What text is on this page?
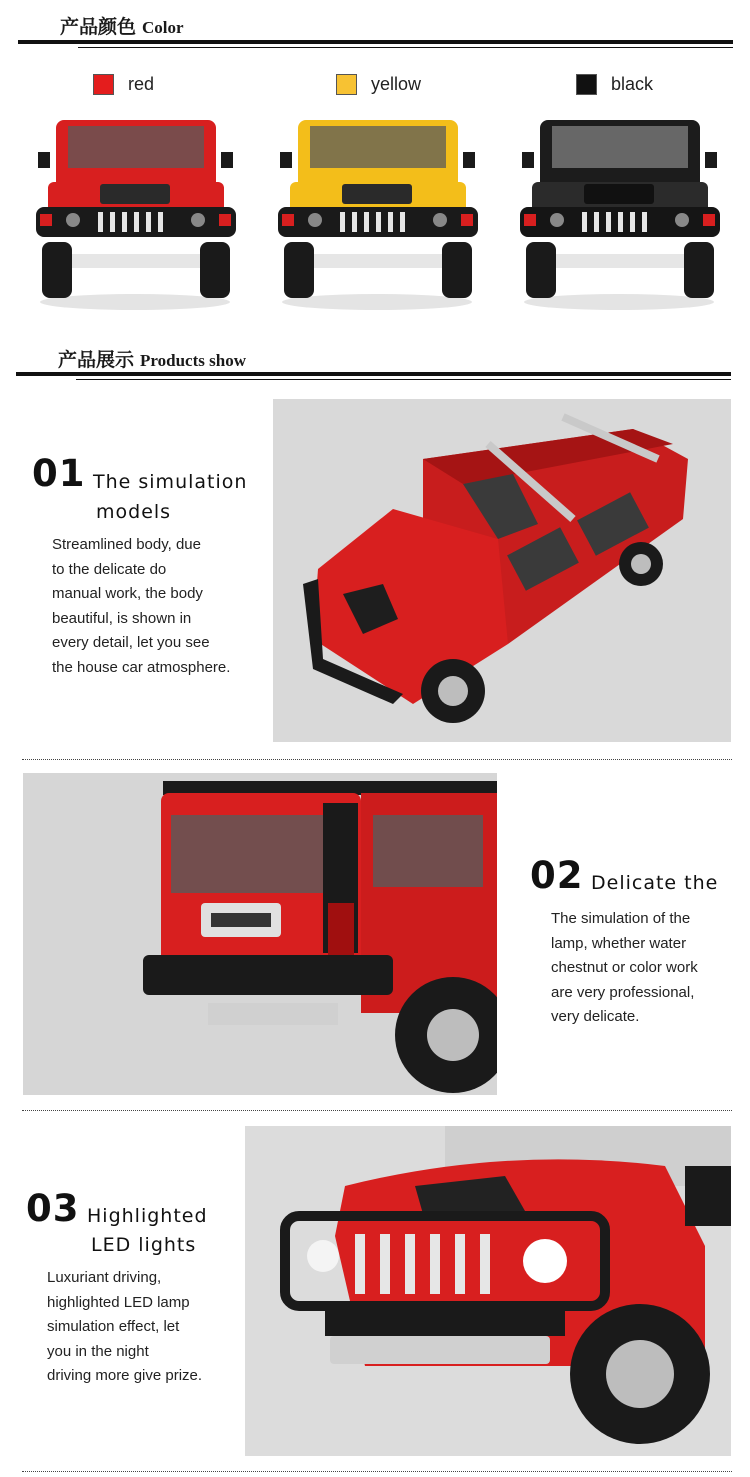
产品颜色 Color
red	yellow	black
产品展示 Products show
01 The simulation
models
Streamlined body, due
to the delicate do
manual work, the body
beautiful, is shown in
every detail, let you see
the house car atmosphere.
02 Delicate the
The simulation of the
lamp, whether water
chestnut or color work
are very professional,
very delicate.
03 Highlighted
LED lights
Luxuriant driving,
highlighted LED lamp
simulation effect, let
you in the night
driving more give prize.
